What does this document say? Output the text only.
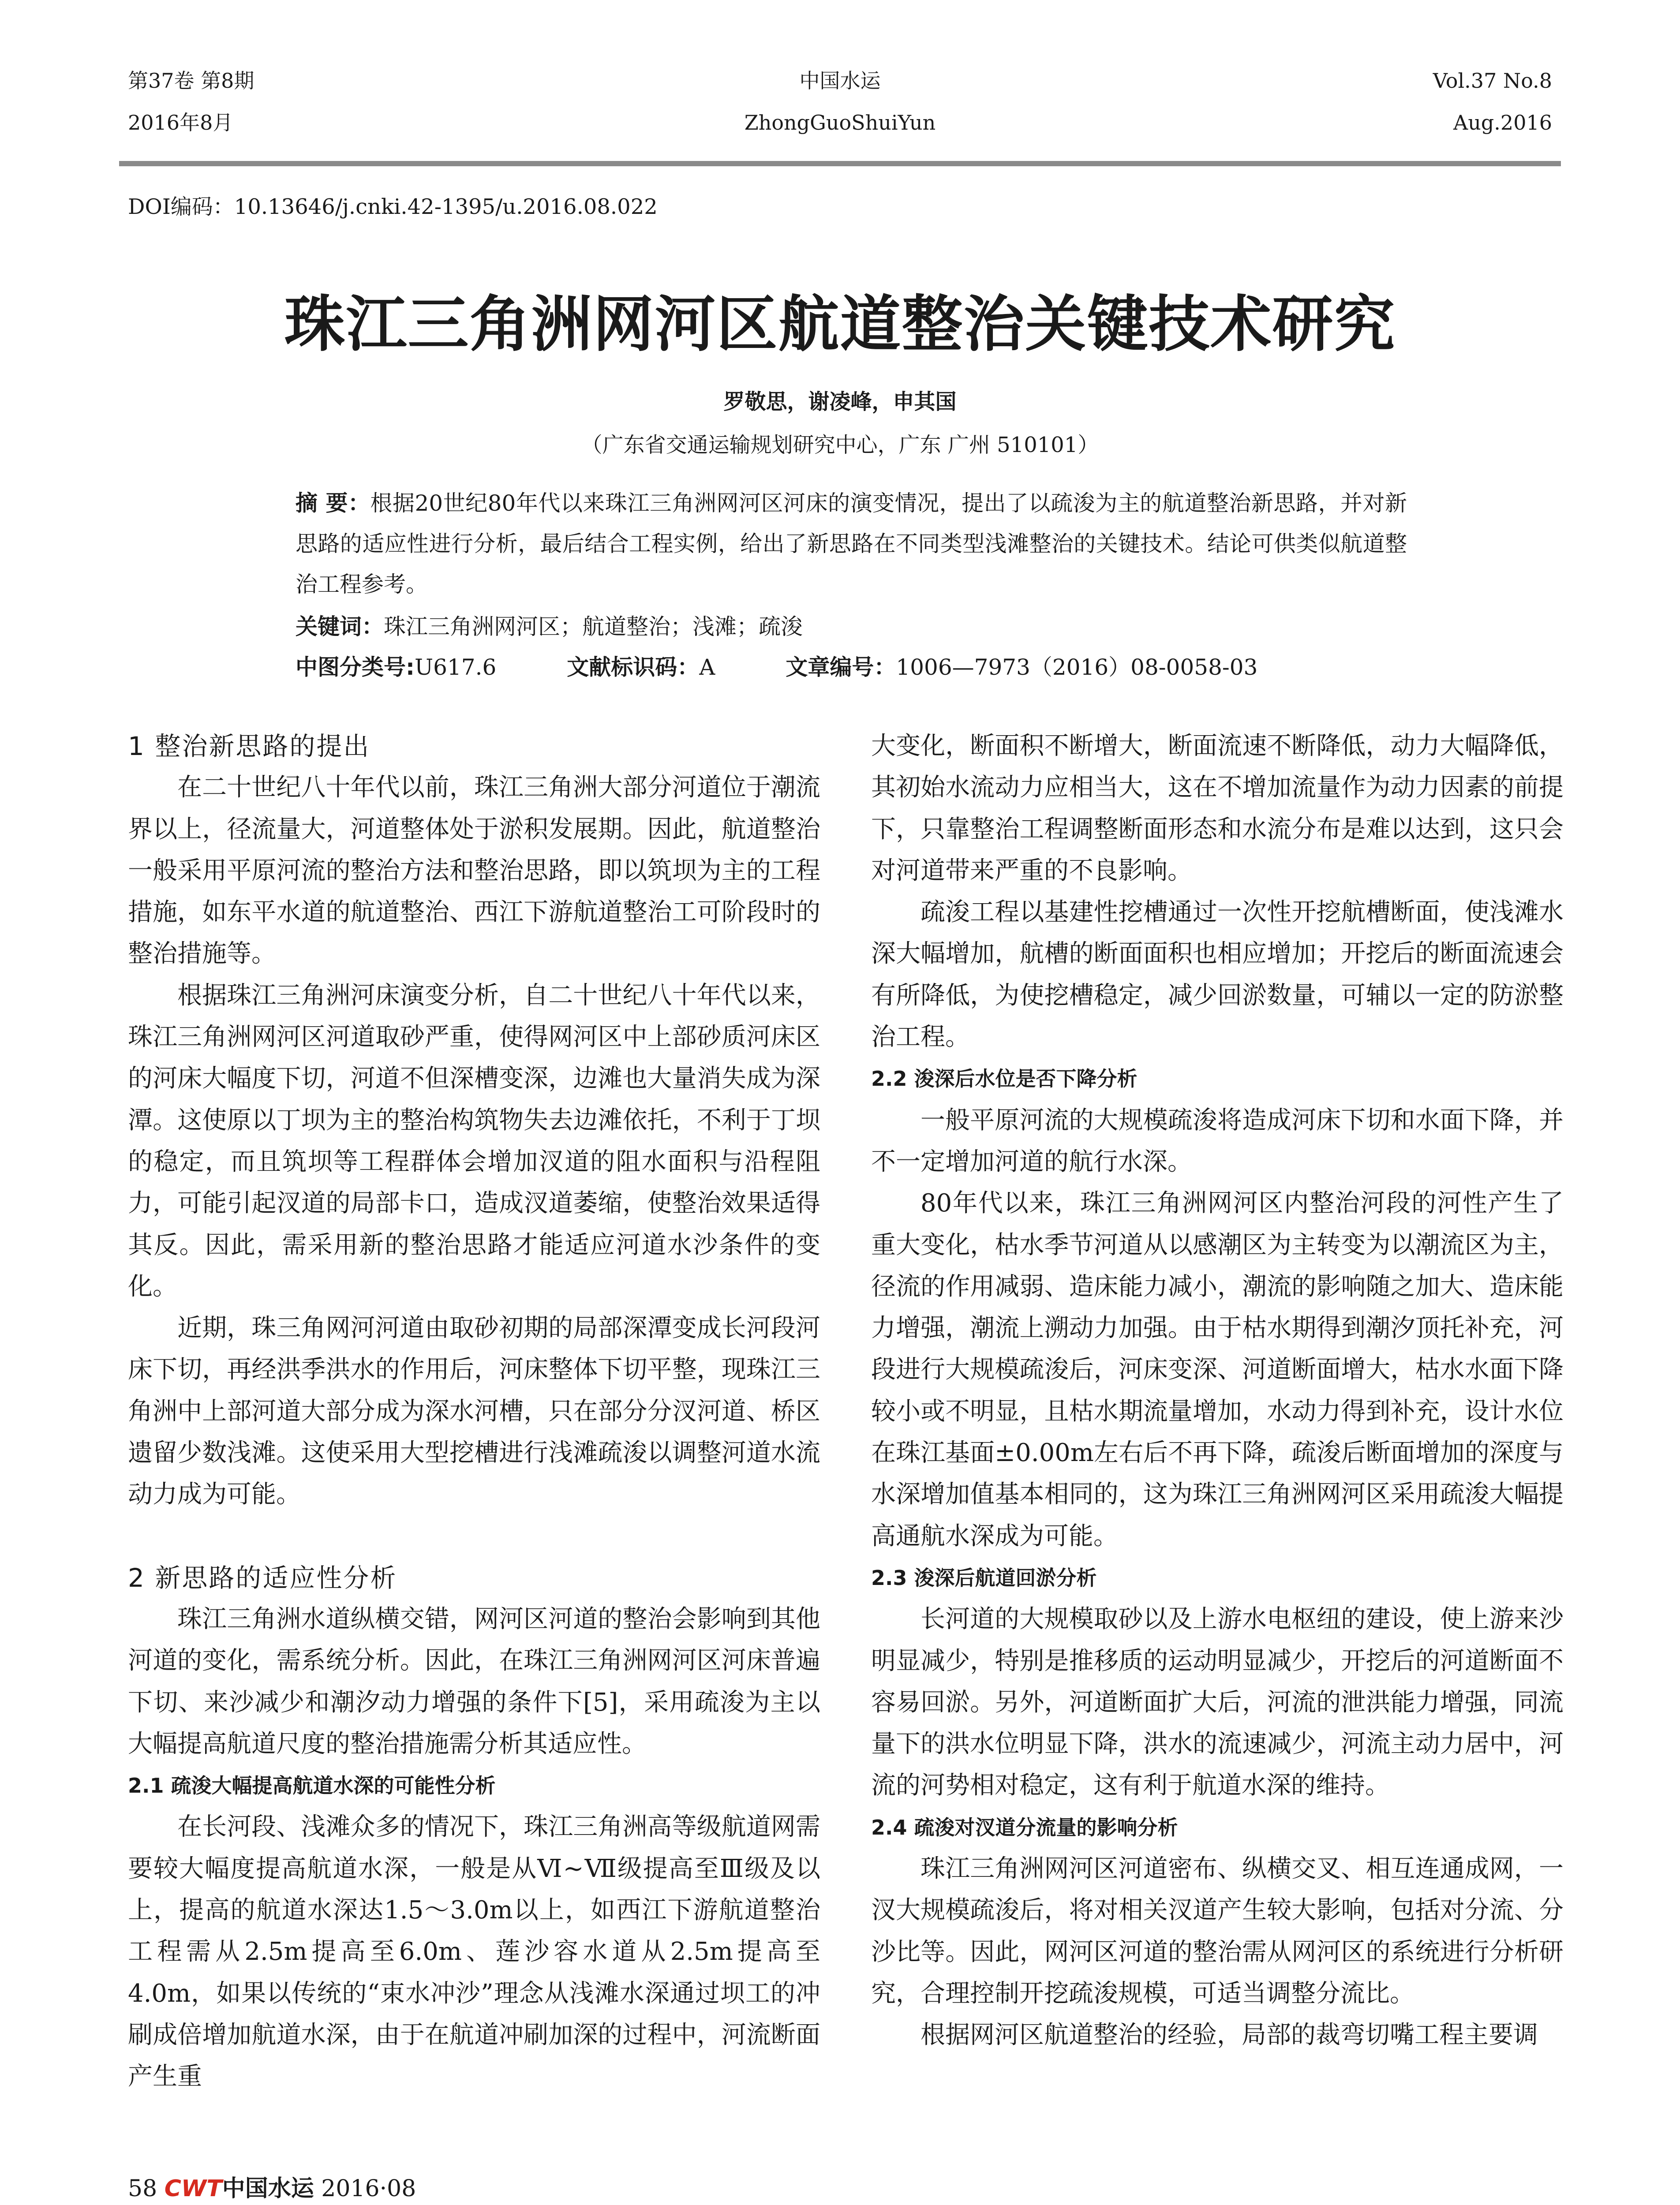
第37卷 第8期
2016年8月
中国水运
ZhongGuoShuiYun
Vol.37 No.8
Aug.2016
DOI编码：10.13646/j.cnki.42-1395/u.2016.08.022
珠江三角洲网河区航道整治关键技术研究
罗敬思，谢凌峰，申其国
（广东省交通运输规划研究中心，广东 广州 510101）
摘 要：根据20世纪80年代以来珠江三角洲网河区河床的演变情况，提出了以疏浚为主的航道整治新思路，并对新思路的适应性进行分析，最后结合工程实例，给出了新思路在不同类型浅滩整治的关键技术。结论可供类似航道整治工程参考。
关键词：珠江三角洲网河区；航道整治；浅滩；疏浚
中图分类号:U617.6	文献标识码：A	文章编号：1006—7973（2016）08-0058-03
1 整治新思路的提出

在二十世纪八十年代以前，珠江三角洲大部分河道位于潮流界以上，径流量大，河道整体处于淤积发展期。因此，航道整治一般采用平原河流的整治方法和整治思路，即以筑坝为主的工程措施，如东平水道的航道整治、西江下游航道整治工可阶段时的整治措施等。

根据珠江三角洲河床演变分析，自二十世纪八十年代以来，珠江三角洲网河区河道取砂严重，使得网河区中上部砂质河床区的河床大幅度下切，河道不但深槽变深，边滩也大量消失成为深潭。这使原以丁坝为主的整治构筑物失去边滩依托，不利于丁坝的稳定，而且筑坝等工程群体会增加汊道的阻水面积与沿程阻力，可能引起汊道的局部卡口，造成汊道萎缩，使整治效果适得其反。因此，需采用新的整治思路才能适应河道水沙条件的变化。

近期，珠三角网河河道由取砂初期的局部深潭变成长河段河床下切，再经洪季洪水的作用后，河床整体下切平整，现珠江三角洲中上部河道大部分成为深水河槽，只在部分分汊河道、桥区遗留少数浅滩。这使采用大型挖槽进行浅滩疏浚以调整河道水流动力成为可能。

2 新思路的适应性分析

珠江三角洲水道纵横交错，网河区河道的整治会影响到其他河道的变化，需系统分析。因此，在珠江三角洲网河区河床普遍下切、来沙减少和潮汐动力增强的条件下[5]，采用疏浚为主以大幅提高航道尺度的整治措施需分析其适应性。

2.1 疏浚大幅提高航道水深的可能性分析

在长河段、浅滩众多的情况下，珠江三角洲高等级航道网需要较大幅度提高航道水深，一般是从Ⅵ~Ⅶ级提高至Ⅲ级及以上，提高的航道水深达1.5～3.0m以上，如西江下游航道整治工程需从2.5m提高至6.0m、莲沙容水道从2.5m提高至4.0m，如果以传统的“束水冲沙”理念从浅滩水深通过坝工的冲刷成倍增加航道水深，由于在航道冲刷加深的过程中，河流断面产生重

大变化，断面积不断增大，断面流速不断降低，动力大幅降低，其初始水流动力应相当大，这在不增加流量作为动力因素的前提下，只靠整治工程调整断面形态和水流分布是难以达到，这只会对河道带来严重的不良影响。

疏浚工程以基建性挖槽通过一次性开挖航槽断面，使浅滩水深大幅增加，航槽的断面面积也相应增加；开挖后的断面流速会有所降低，为使挖槽稳定，减少回淤数量，可辅以一定的防淤整治工程。

2.2 浚深后水位是否下降分析

一般平原河流的大规模疏浚将造成河床下切和水面下降，并不一定增加河道的航行水深。

80年代以来，珠江三角洲网河区内整治河段的河性产生了重大变化，枯水季节河道从以感潮区为主转变为以潮流区为主，径流的作用减弱、造床能力减小，潮流的影响随之加大、造床能力增强，潮流上溯动力加强。由于枯水期得到潮汐顶托补充，河段进行大规模疏浚后，河床变深、河道断面增大，枯水水面下降较小或不明显，且枯水期流量增加，水动力得到补充，设计水位在珠江基面±0.00m左右后不再下降，疏浚后断面增加的深度与水深增加值基本相同的，这为珠江三角洲网河区采用疏浚大幅提高通航水深成为可能。

2.3 浚深后航道回淤分析

长河道的大规模取砂以及上游水电枢纽的建设，使上游来沙明显减少，特别是推移质的运动明显减少，开挖后的河道断面不容易回淤。另外，河道断面扩大后，河流的泄洪能力增强，同流量下的洪水位明显下降，洪水的流速减少，河流主动力居中，河流的河势相对稳定，这有利于航道水深的维持。

2.4 疏浚对汊道分流量的影响分析

珠江三角洲网河区河道密布、纵横交叉、相互连通成网，一汊大规模疏浚后，将对相关汊道产生较大影响，包括对分流、分沙比等。因此，网河区河道的整治需从网河区的系统进行分析研究，合理控制开挖疏浚规模，可适当调整分流比。

根据网河区航道整治的经验，局部的裁弯切嘴工程主要调

58 CWT中国水运 2016·08
